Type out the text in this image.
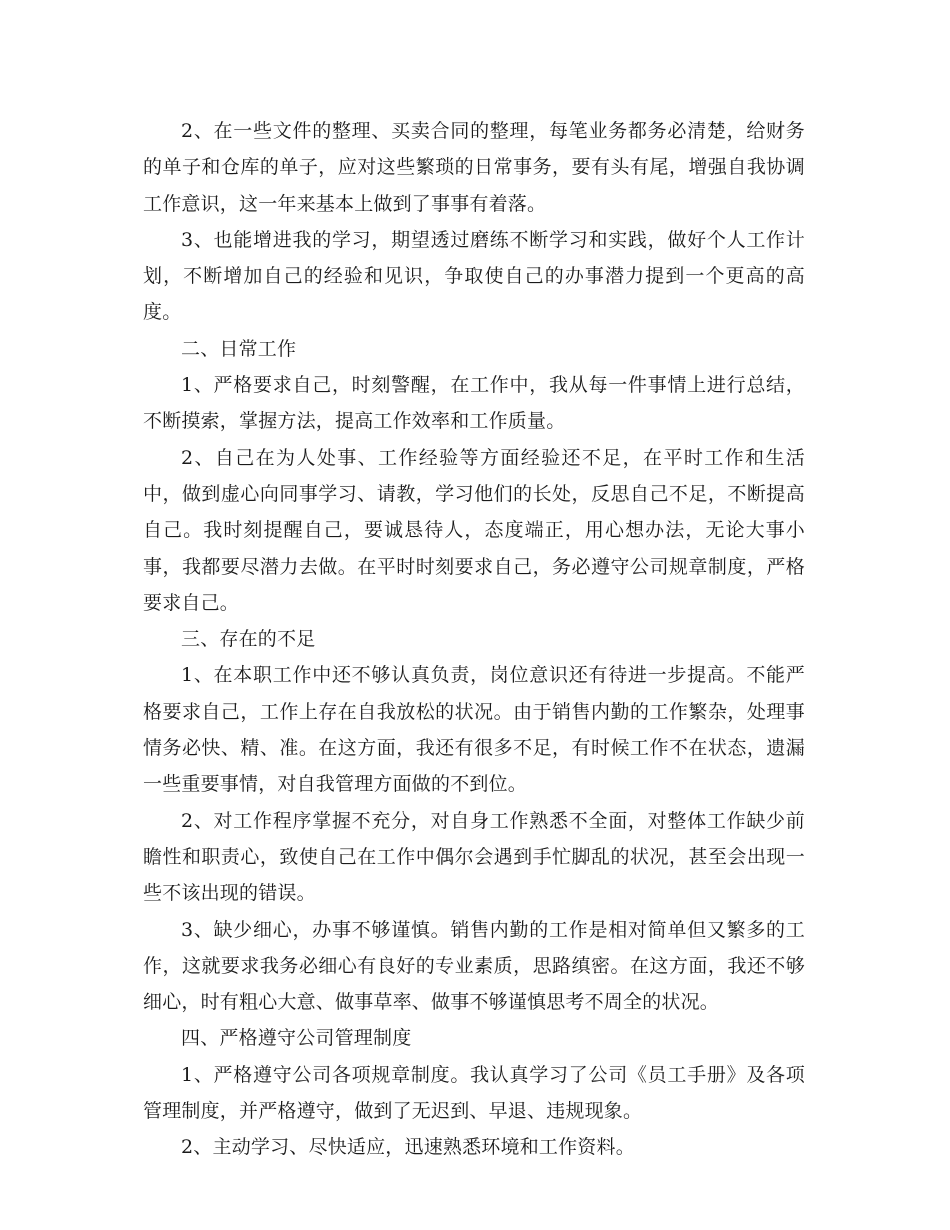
2、在一些文件的整理、买卖合同的整理，每笔业务都务必清楚，给财务的单子和仓库的单子，应对这些繁琐的日常事务，要有头有尾，增强自我协调工作意识，这一年来基本上做到了事事有着落。

3、也能增进我的学习，期望透过磨练不断学习和实践，做好个人工作计划，不断增加自己的经验和见识，争取使自己的办事潜力提到一个更高的高度。

二、日常工作

1、严格要求自己，时刻警醒，在工作中，我从每一件事情上进行总结，不断摸索，掌握方法，提高工作效率和工作质量。

2、自己在为人处事、工作经验等方面经验还不足，在平时工作和生活中，做到虚心向同事学习、请教，学习他们的长处，反思自己不足，不断提高自己。我时刻提醒自己，要诚恳待人，态度端正，用心想办法，无论大事小事，我都要尽潜力去做。在平时时刻要求自己，务必遵守公司规章制度，严格要求自己。

三、存在的不足

1、在本职工作中还不够认真负责，岗位意识还有待进一步提高。不能严格要求自己，工作上存在自我放松的状况。由于销售内勤的工作繁杂，处理事情务必快、精、准。在这方面，我还有很多不足，有时候工作不在状态，遗漏一些重要事情，对自我管理方面做的不到位。

2、对工作程序掌握不充分，对自身工作熟悉不全面，对整体工作缺少前瞻性和职责心，致使自己在工作中偶尔会遇到手忙脚乱的状况，甚至会出现一些不该出现的错误。

3、缺少细心，办事不够谨慎。销售内勤的工作是相对简单但又繁多的工作，这就要求我务必细心有良好的专业素质，思路缜密。在这方面，我还不够细心，时有粗心大意、做事草率、做事不够谨慎思考不周全的状况。

四、严格遵守公司管理制度

1、严格遵守公司各项规章制度。我认真学习了公司《员工手册》及各项管理制度，并严格遵守，做到了无迟到、早退、违规现象。

2、主动学习、尽快适应，迅速熟悉环境和工作资料。
